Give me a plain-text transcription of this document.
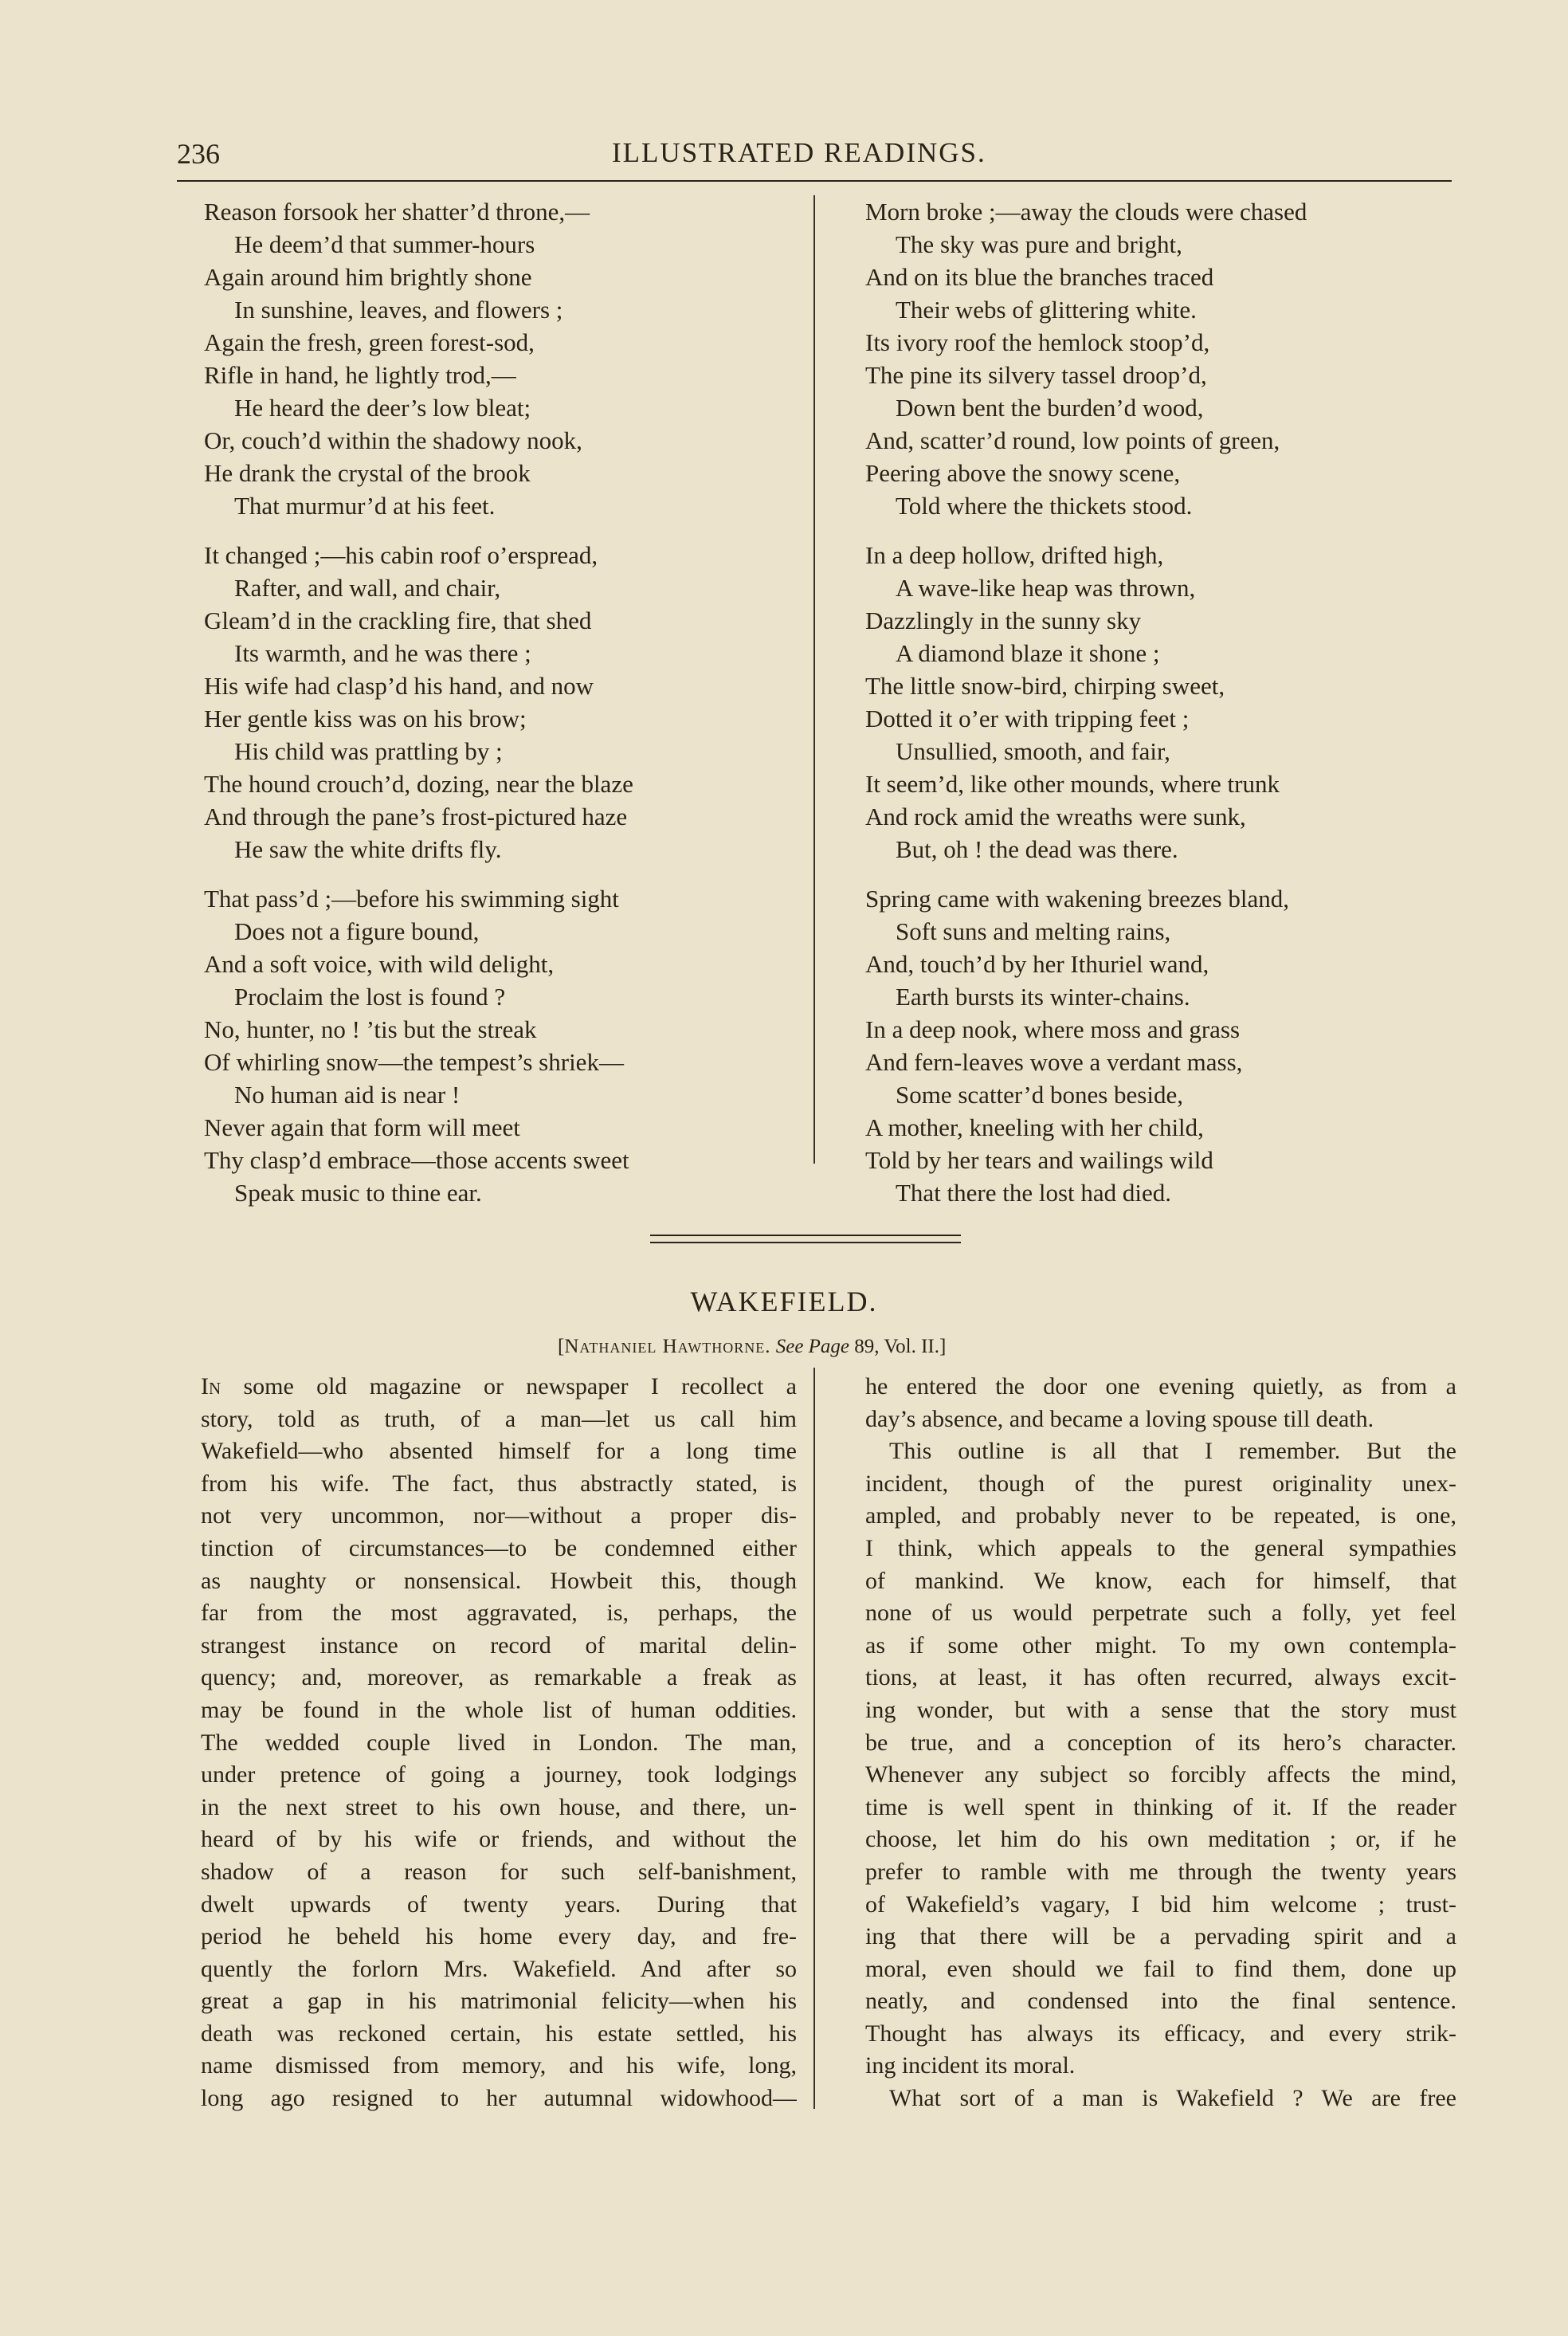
236	ILLUSTRATED READINGS.
Reason forsook her shatter’d throne,—
He deem’d that summer-hours
Again around him brightly shone
In sunshine, leaves, and flowers ;
Again the fresh, green forest-sod,
Rifle in hand, he lightly trod,—
He heard the deer’s low bleat;
Or, couch’d within the shadowy nook,
He drank the crystal of the brook
That murmur’d at his feet.
It changed ;—his cabin roof o’erspread,
Rafter, and wall, and chair,
Gleam’d in the crackling fire, that shed
Its warmth, and he was there ;
His wife had clasp’d his hand, and now
Her gentle kiss was on his brow;
His child was prattling by ;
The hound crouch’d, dozing, near the blaze
And through the pane’s frost-pictured haze
He saw the white drifts fly.
That pass’d ;—before his swimming sight
Does not a figure bound,
And a soft voice, with wild delight,
Proclaim the lost is found ?
No, hunter, no ! ’tis but the streak
Of whirling snow—the tempest’s shriek—
No human aid is near !
Never again that form will meet
Thy clasp’d embrace—those accents sweet
Speak music to thine ear.
Morn broke ;—away the clouds were chased
The sky was pure and bright,
And on its blue the branches traced
Their webs of glittering white.
Its ivory roof the hemlock stoop’d,
The pine its silvery tassel droop’d,
Down bent the burden’d wood,
And, scatter’d round, low points of green,
Peering above the snowy scene,
Told where the thickets stood.
In a deep hollow, drifted high,
A wave-like heap was thrown,
Dazzlingly in the sunny sky
A diamond blaze it shone ;
The little snow-bird, chirping sweet,
Dotted it o’er with tripping feet ;
Unsullied, smooth, and fair,
It seem’d, like other mounds, where trunk
And rock amid the wreaths were sunk,
But, oh ! the dead was there.
Spring came with wakening breezes bland,
Soft suns and melting rains,
And, touch’d by her Ithuriel wand,
Earth bursts its winter-chains.
In a deep nook, where moss and grass
And fern-leaves wove a verdant mass,
Some scatter’d bones beside,
A mother, kneeling with her child,
Told by her tears and wailings wild
That there the lost had died.
WAKEFIELD.
[Nathaniel Hawthorne. See Page 89, Vol. II.]
In some old magazine or newspaper I recollect a
story, told as truth, of a man—let us call him
Wakefield—who absented himself for a long time
from his wife. The fact, thus abstractly stated, is
not very uncommon, nor—without a proper dis-
tinction of circumstances—to be condemned either
as naughty or nonsensical. Howbeit this, though
far from the most aggravated, is, perhaps, the
strangest instance on record of marital delin-
quency; and, moreover, as remarkable a freak as
may be found in the whole list of human oddities.
The wedded couple lived in London. The man,
under pretence of going a journey, took lodgings
in the next street to his own house, and there, un-
heard of by his wife or friends, and without the
shadow of a reason for such self-banishment,
dwelt upwards of twenty years. During that
period he beheld his home every day, and fre-
quently the forlorn Mrs. Wakefield. And after so
great a gap in his matrimonial felicity—when his
death was reckoned certain, his estate settled, his
name dismissed from memory, and his wife, long,
long ago resigned to her autumnal widowhood—
he entered the door one evening quietly, as from a
day’s absence, and became a loving spouse till death.
This outline is all that I remember. But the
incident, though of the purest originality unex-
ampled, and probably never to be repeated, is one,
I think, which appeals to the general sympathies
of mankind. We know, each for himself, that
none of us would perpetrate such a folly, yet feel
as if some other might. To my own contempla-
tions, at least, it has often recurred, always excit-
ing wonder, but with a sense that the story must
be true, and a conception of its hero’s character.
Whenever any subject so forcibly affects the mind,
time is well spent in thinking of it. If the reader
choose, let him do his own meditation ; or, if he
prefer to ramble with me through the twenty years
of Wakefield’s vagary, I bid him welcome ; trust-
ing that there will be a pervading spirit and a
moral, even should we fail to find them, done up
neatly, and condensed into the final sentence.
Thought has always its efficacy, and every strik-
ing incident its moral.
What sort of a man is Wakefield ? We are free
